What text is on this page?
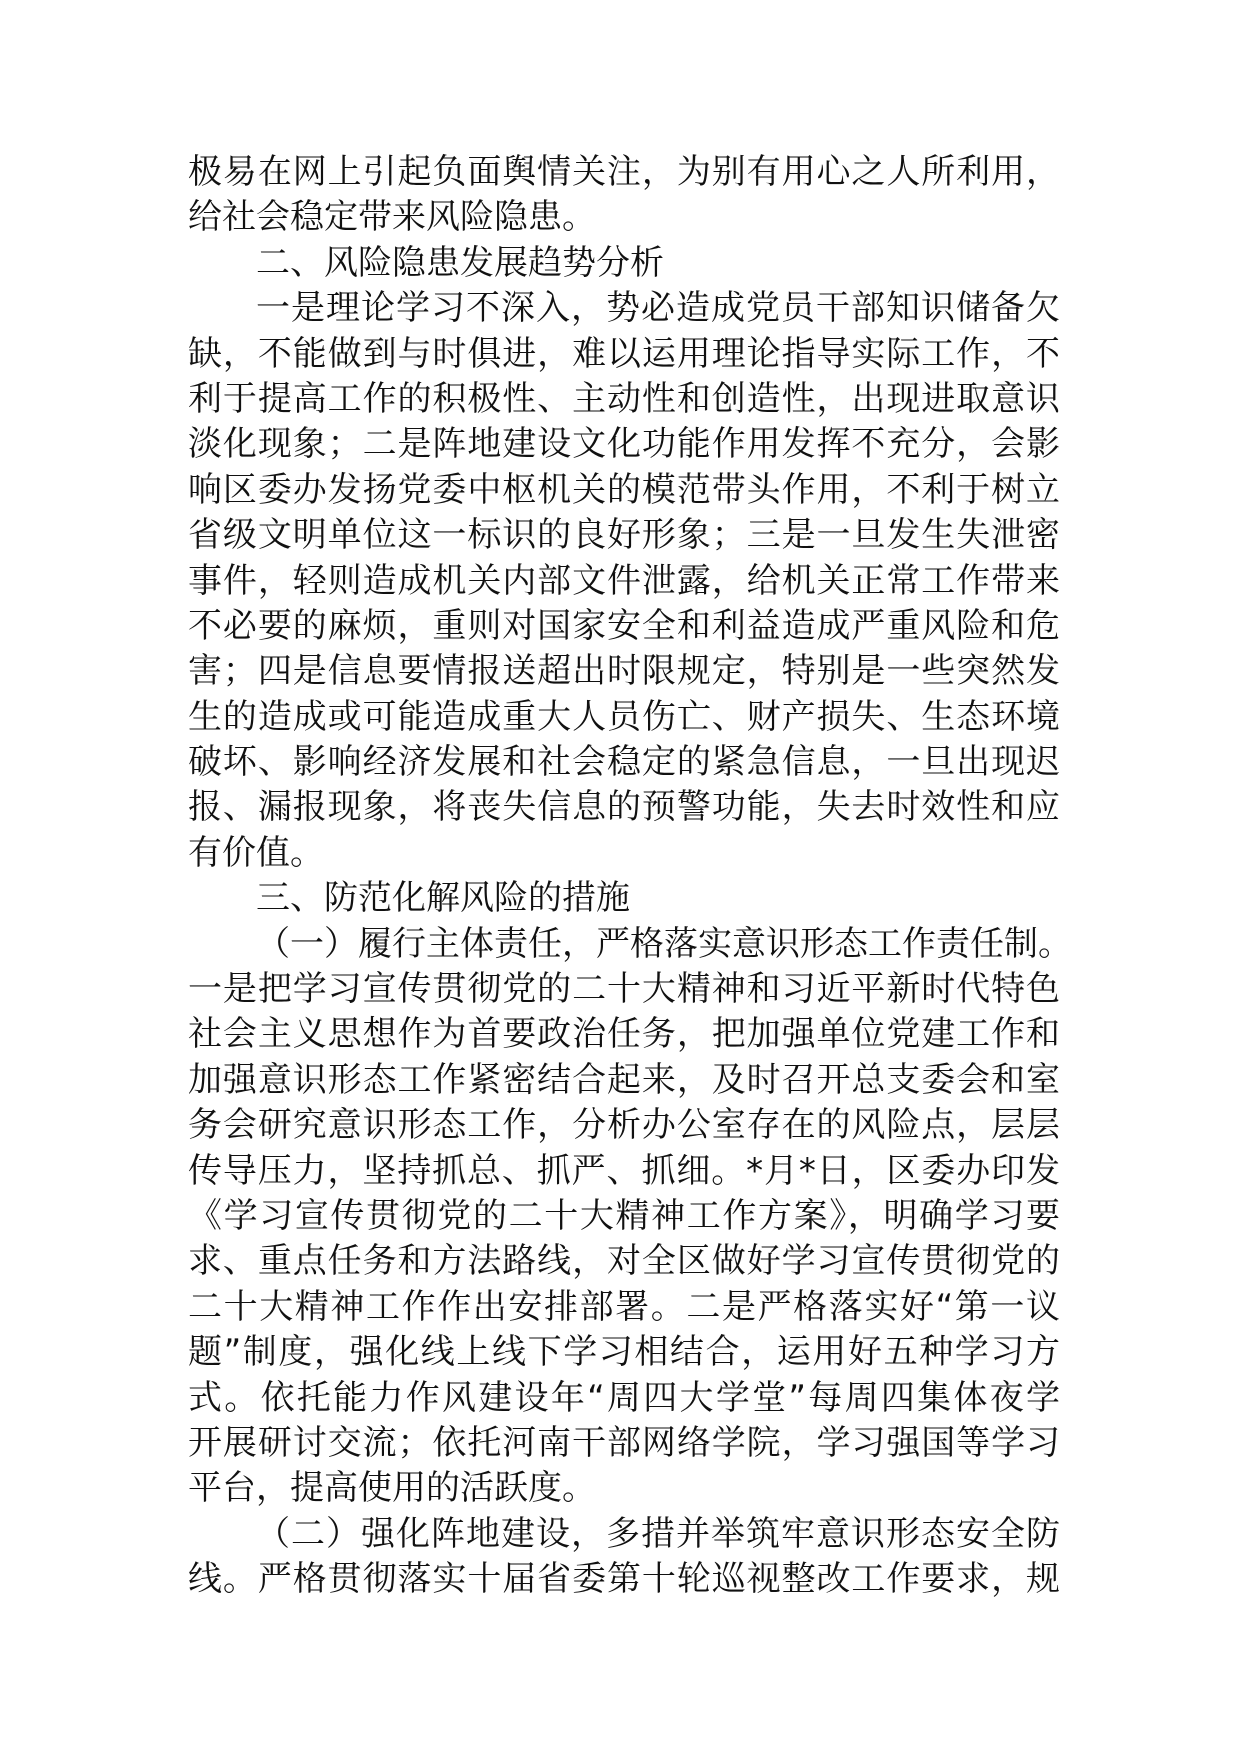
极易在网上引起负面舆情关注，为别有用心之人所利用，
给社会稳定带来风险隐患。
二、风险隐患发展趋势分析
一是理论学习不深入，势必造成党员干部知识储备欠
缺，不能做到与时俱进，难以运用理论指导实际工作，不
利于提高工作的积极性、主动性和创造性，出现进取意识
淡化现象；二是阵地建设文化功能作用发挥不充分，会影
响区委办发扬党委中枢机关的模范带头作用，不利于树立
省级文明单位这一标识的良好形象；三是一旦发生失泄密
事件，轻则造成机关内部文件泄露，给机关正常工作带来
不必要的麻烦，重则对国家安全和利益造成严重风险和危
害；四是信息要情报送超出时限规定，特别是一些突然发
生的造成或可能造成重大人员伤亡、财产损失、生态环境
破坏、影响经济发展和社会稳定的紧急信息，一旦出现迟
报、漏报现象，将丧失信息的预警功能，失去时效性和应
有价值。
三、防范化解风险的措施
（一）履行主体责任，严格落实意识形态工作责任制。
一是把学习宣传贯彻党的二十大精神和习近平新时代特色
社会主义思想作为首要政治任务，把加强单位党建工作和
加强意识形态工作紧密结合起来，及时召开总支委会和室
务会研究意识形态工作，分析办公室存在的风险点，层层
传导压力，坚持抓总、抓严、抓细。*月*日，区委办印发
《学习宣传贯彻党的二十大精神工作方案》，明确学习要
求、重点任务和方法路线，对全区做好学习宣传贯彻党的
二十大精神工作作出安排部署。二是严格落实好“第一议
题”制度，强化线上线下学习相结合，运用好五种学习方
式。依托能力作风建设年“周四大学堂”每周四集体夜学
开展研讨交流；依托河南干部网络学院，学习强国等学习
平台，提高使用的活跃度。
（二）强化阵地建设，多措并举筑牢意识形态安全防
线。严格贯彻落实十届省委第十轮巡视整改工作要求，规
